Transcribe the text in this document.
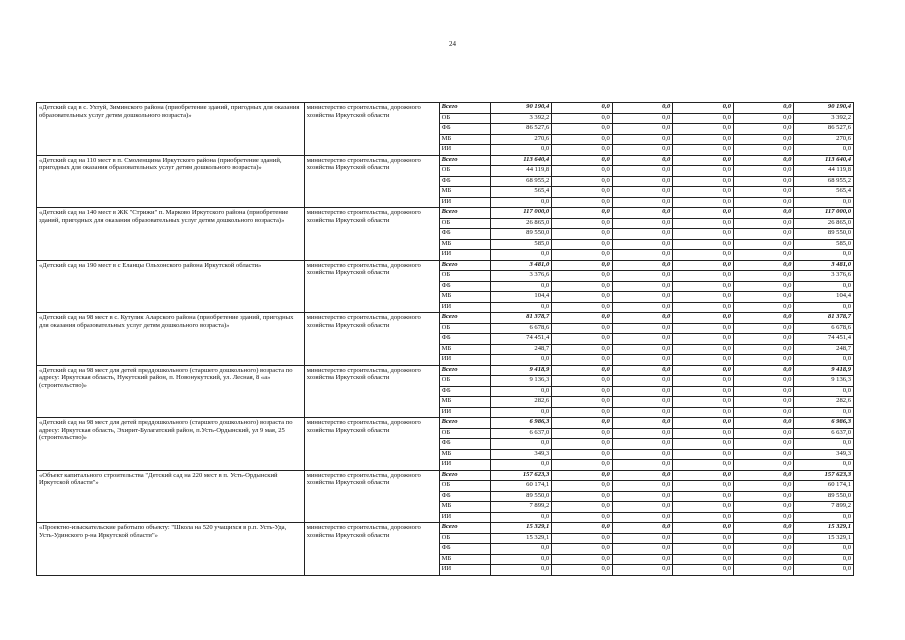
24
«Детский сад в с. Ухтуй, Зиминского района (приобретение зданий, пригодных для оказания образовательных услуг детям дошкольного возраста)»	министерство строительства, дорожного хозяйства Иркутской области	Всего	90 190,4	0,0	0,0	0,0	0,0	90 190,4
		ОБ	3 392,2	0,0	0,0	0,0	0,0	3 392,2
		ФБ	86 527,6	0,0	0,0	0,0	0,0	86 527,6
		МБ	270,6	0,0	0,0	0,0	0,0	270,6
		ИИ	0,0	0,0	0,0	0,0	0,0	0,0
«Детский сад на 110 мест в п. Смоленщина Иркутского района (приобретение зданий, пригодных для оказания образовательных услуг детям дошкольного возраста)»	министерство строительства, дорожного хозяйства Иркутской области	Всего	113 640,4	0,0	0,0	0,0	0,0	113 640,4
		ОБ	44 119,8	0,0	0,0	0,0	0,0	44 119,8
		ФБ	68 955,2	0,0	0,0	0,0	0,0	68 955,2
		МБ	565,4	0,0	0,0	0,0	0,0	565,4
		ИИ	0,0	0,0	0,0	0,0	0,0	0,0
«Детский сад на 140 мест в ЖК "Стрижи" п. Марково Иркутского района (приобретение зданий, пригодных для оказания образовательных услуг детям дошкольного возраста)»	министерство строительства, дорожного хозяйства Иркутской области	Всего	117 000,0	0,0	0,0	0,0	0,0	117 000,0
		ОБ	26 865,0	0,0	0,0	0,0	0,0	26 865,0
		ФБ	89 550,0	0,0	0,0	0,0	0,0	89 550,0
		МБ	585,0	0,0	0,0	0,0	0,0	585,0
		ИИ	0,0	0,0	0,0	0,0	0,0	0,0
«Детский сад на 190 мест в с Еланцы Ольхонского района Иркутской области»	министерство строительства, дорожного хозяйства Иркутской области	Всего	3 481,0	0,0	0,0	0,0	0,0	3 481,0
		ОБ	3 376,6	0,0	0,0	0,0	0,0	3 376,6
		ФБ	0,0	0,0	0,0	0,0	0,0	0,0
		МБ	104,4	0,0	0,0	0,0	0,0	104,4
		ИИ	0,0	0,0	0,0	0,0	0,0	0,0
«Детский сад на 98 мест в с. Кутулик Аларского района (приобретение зданий, пригодных для оказания образовательных услуг детям дошкольного возраста)»	министерство строительства, дорожного хозяйства Иркутской области	Всего	81 378,7	0,0	0,0	0,0	0,0	81 378,7
		ОБ	6 678,6	0,0	0,0	0,0	0,0	6 678,6
		ФБ	74 451,4	0,0	0,0	0,0	0,0	74 451,4
		МБ	248,7	0,0	0,0	0,0	0,0	248,7
		ИИ	0,0	0,0	0,0	0,0	0,0	0,0
«Детский сад на 98 мест для детей преддошкольного (старшего дошкольного) возраста по адресу: Иркутская область, Нукутский район, п. Новонукутский, ул. Лесная, 8 «а» (строительство)»	министерство строительства, дорожного хозяйства Иркутской области	Всего	9 418,9	0,0	0,0	0,0	0,0	9 418,9
		ОБ	9 136,3	0,0	0,0	0,0	0,0	9 136,3
		ФБ	0,0	0,0	0,0	0,0	0,0	0,0
		МБ	282,6	0,0	0,0	0,0	0,0	282,6
		ИИ	0,0	0,0	0,0	0,0	0,0	0,0
«Детский сад на 98 мест для детей преддошкольного (старшего дошкольного) возраста по адресу: Иркутская область, Эхирит-Булагатский район, п.Усть-Ордынский, ул 9 мая, 25 (строительство)»	министерство строительства, дорожного хозяйства Иркутской области	Всего	6 986,3	0,0	0,0	0,0	0,0	6 986,3
		ОБ	6 637,0	0,0	0,0	0,0	0,0	6 637,0
		ФБ	0,0	0,0	0,0	0,0	0,0	0,0
		МБ	349,3	0,0	0,0	0,0	0,0	349,3
		ИИ	0,0	0,0	0,0	0,0	0,0	0,0
«Объект капитального строительства "Детский сад на 220 мест в п. Усть-Ордынский Иркутской области"»	министерство строительства, дорожного хозяйства Иркутской области	Всего	157 623,3	0,0	0,0	0,0	0,0	157 623,3
		ОБ	60 174,1	0,0	0,0	0,0	0,0	60 174,1
		ФБ	89 550,0	0,0	0,0	0,0	0,0	89 550,0
		МБ	7 899,2	0,0	0,0	0,0	0,0	7 899,2
		ИИ	0,0	0,0	0,0	0,0	0,0	0,0
«Проектно-изыскательские работыпо объекту: "Школа на 520 учащихся в р.п. Усть-Уда, Усть-Удинского р-на Иркутской области"»	министерство строительства, дорожного хозяйства Иркутской области	Всего	15 329,1	0,0	0,0	0,0	0,0	15 329,1
		ОБ	15 329,1	0,0	0,0	0,0	0,0	15 329,1
		ФБ	0,0	0,0	0,0	0,0	0,0	0,0
		МБ	0,0	0,0	0,0	0,0	0,0	0,0
		ИИ	0,0	0,0	0,0	0,0	0,0	0,0
